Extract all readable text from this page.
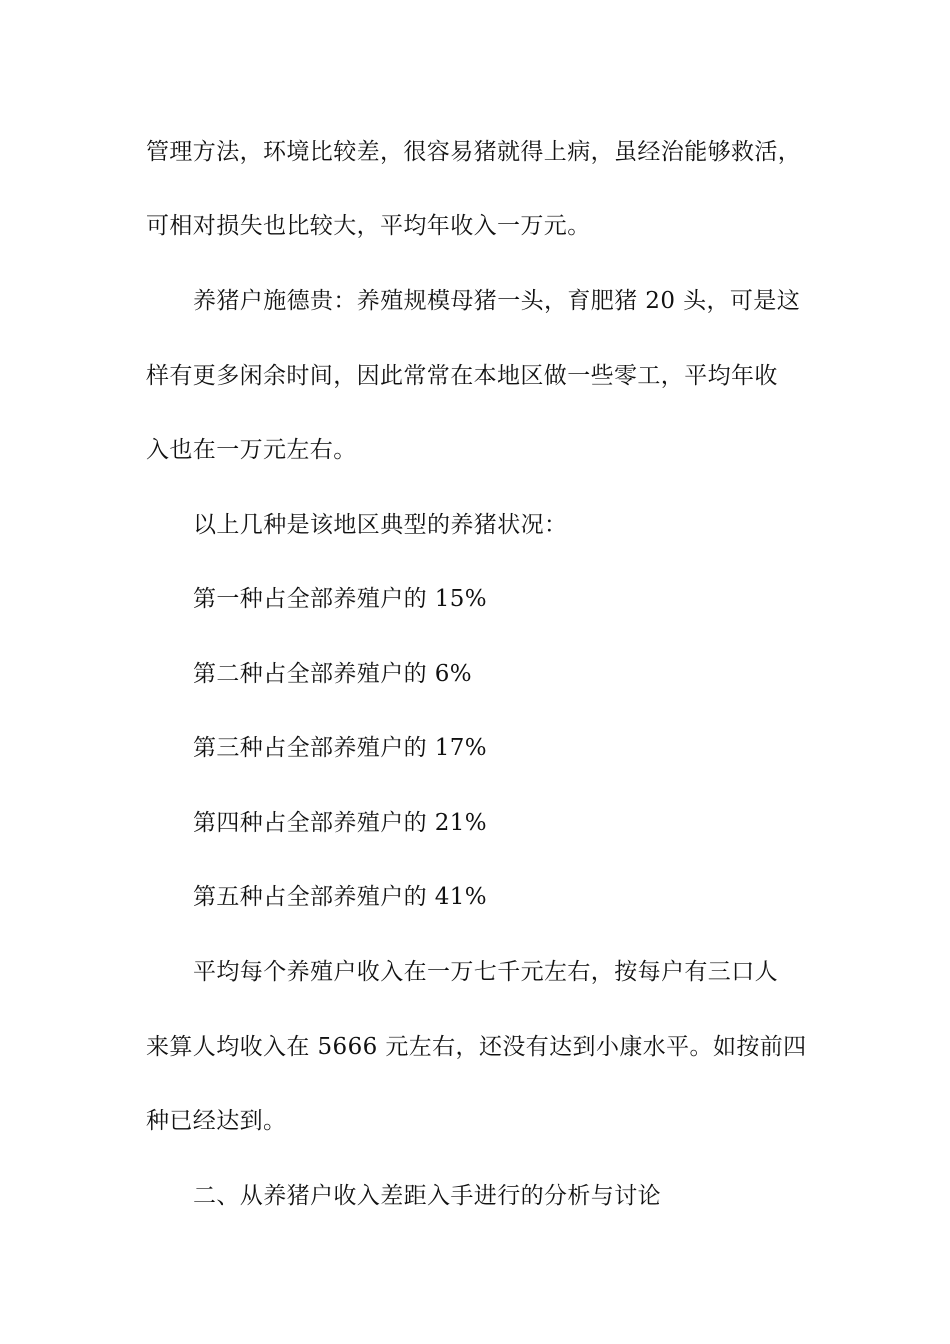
管理方法，环境比较差，很容易猪就得上病，虽经治能够救活，
可相对损失也比较大，平均年收入一万元。
养猪户施德贵：养殖规模母猪一头，育肥猪 20 头，可是这
样有更多闲余时间，因此常常在本地区做一些零工，平均年收
入也在一万元左右。
以上几种是该地区典型的养猪状况：
第一种占全部养殖户的 15%
第二种占全部养殖户的 6%
第三种占全部养殖户的 17%
第四种占全部养殖户的 21%
第五种占全部养殖户的 41%
平均每个养殖户收入在一万七千元左右，按每户有三口人
来算人均收入在 5666 元左右，还没有达到小康水平。如按前四
种已经达到。
二、从养猪户收入差距入手进行的分析与讨论
